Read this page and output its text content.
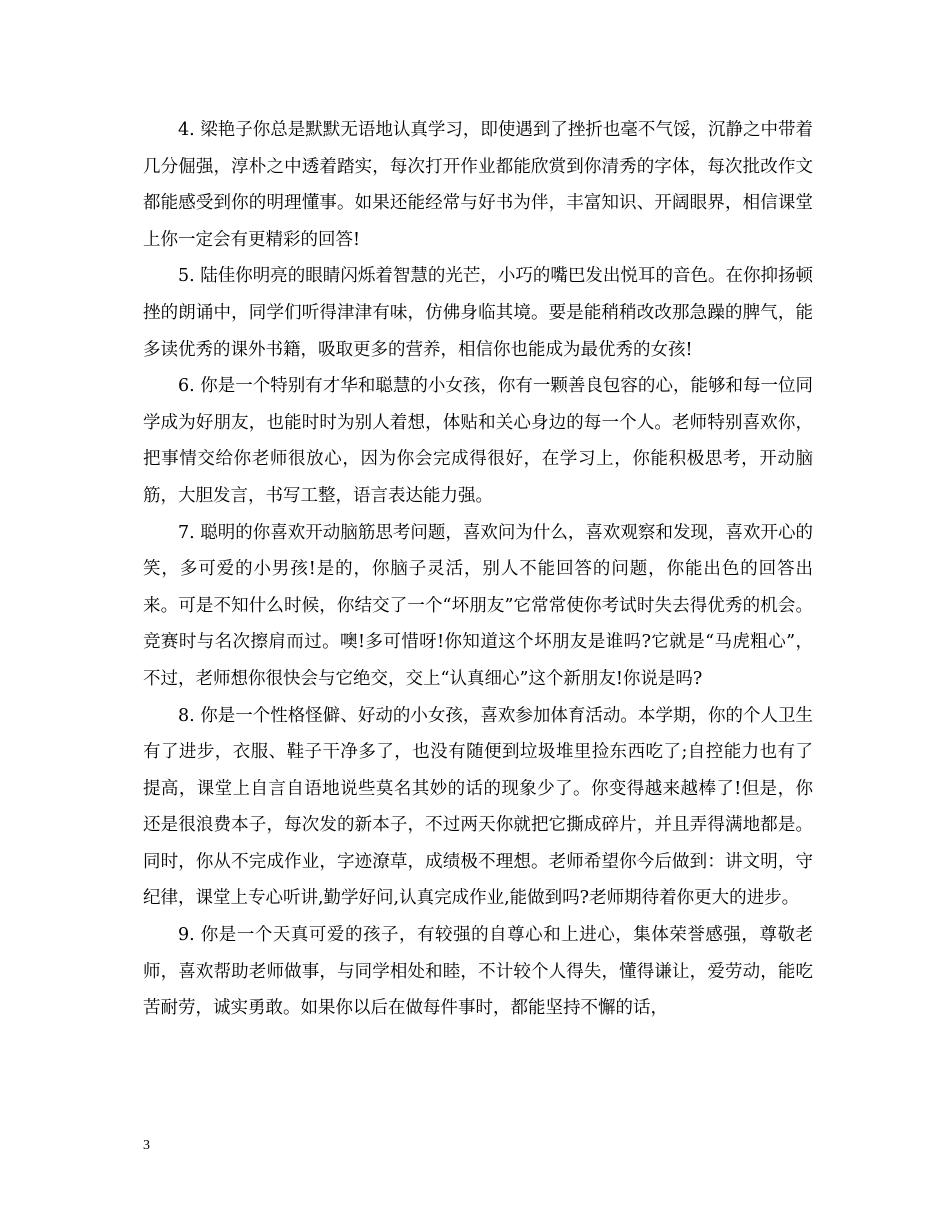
4. 梁艳子你总是默默无语地认真学习，即使遇到了挫折也毫不气馁，沉静之中带着几分倔强，淳朴之中透着踏实，每次打开作业都能欣赏到你清秀的字体，每次批改作文都能感受到你的明理懂事。如果还能经常与好书为伴，丰富知识、开阔眼界，相信课堂上你一定会有更精彩的回答!

5. 陆佳你明亮的眼睛闪烁着智慧的光芒，小巧的嘴巴发出悦耳的音色。在你抑扬顿挫的朗诵中，同学们听得津津有味，仿佛身临其境。要是能稍稍改改那急躁的脾气，能多读优秀的课外书籍，吸取更多的营养，相信你也能成为最优秀的女孩!

6. 你是一个特别有才华和聪慧的小女孩，你有一颗善良包容的心，能够和每一位同学成为好朋友，也能时时为别人着想，体贴和关心身边的每一个人。老师特别喜欢你，把事情交给你老师很放心，因为你会完成得很好，在学习上，你能积极思考，开动脑筋，大胆发言，书写工整，语言表达能力强。

7. 聪明的你喜欢开动脑筋思考问题，喜欢问为什么，喜欢观察和发现，喜欢开心的笑，多可爱的小男孩!是的，你脑子灵活，别人不能回答的问题，你能出色的回答出来。可是不知什么时候，你结交了一个“坏朋友”它常常使你考试时失去得优秀的机会。竞赛时与名次擦肩而过。噢!多可惜呀!你知道这个坏朋友是谁吗?它就是“马虎粗心”，不过，老师想你很快会与它绝交，交上“认真细心”这个新朋友!你说是吗?

8. 你是一个性格怪僻、好动的小女孩，喜欢参加体育活动。本学期，你的个人卫生有了进步，衣服、鞋子干净多了，也没有随便到垃圾堆里捡东西吃了;自控能力也有了提高，课堂上自言自语地说些莫名其妙的话的现象少了。你变得越来越棒了!但是，你还是很浪费本子，每次发的新本子，不过两天你就把它撕成碎片，并且弄得满地都是。同时，你从不完成作业，字迹潦草，成绩极不理想。老师希望你今后做到：讲文明，守纪律，课堂上专心听讲,勤学好问,认真完成作业,能做到吗?老师期待着你更大的进步。

9. 你是一个天真可爱的孩子，有较强的自尊心和上进心，集体荣誉感强，尊敬老师，喜欢帮助老师做事，与同学相处和睦，不计较个人得失，懂得谦让，爱劳动，能吃苦耐劳，诚实勇敢。如果你以后在做每件事时，都能坚持不懈的话，

3
